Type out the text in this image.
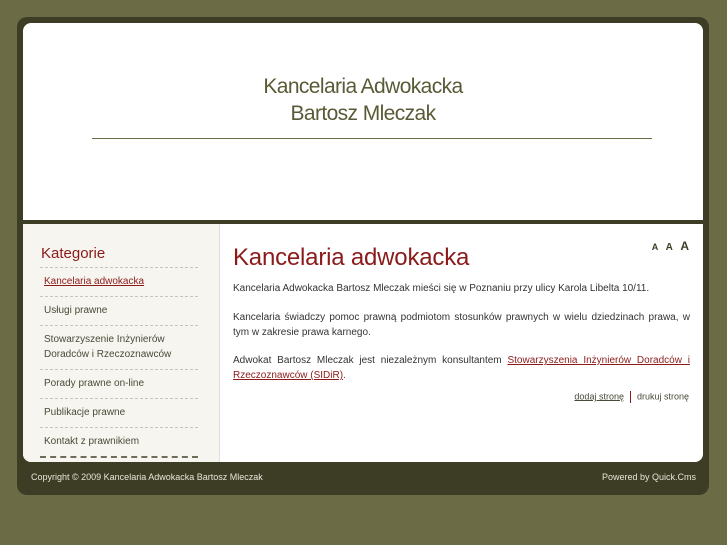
Kancelaria Adwokacka
Bartosz Mleczak
Kategorie
Kancelaria adwokacka
Usługi prawne
Stowarzyszenie Inżynierów Doradców i Rzeczoznawców
Porady prawne on-line
Publikacje prawne
Kontakt z prawnikiem
A A A
Kancelaria adwokacka

Kancelaria Adwokacka Bartosz Mleczak mieści się w Poznaniu przy ulicy Karola Libelta 10/11.

Kancelaria świadczy pomoc prawną podmiotom stosunków prawnych w wielu dziedzinach prawa, w tym w zakresie prawa karnego.

Adwokat Bartosz Mleczak jest niezależnym konsultantem Stowarzyszenia Inżynierów Doradców i Rzeczoznawców (SIDiR).

dodaj stronę drukuj stronę
Copyright © 2009 Kancelaria Adwokacka Bartosz Mleczak	Powered by Quick.Cms
